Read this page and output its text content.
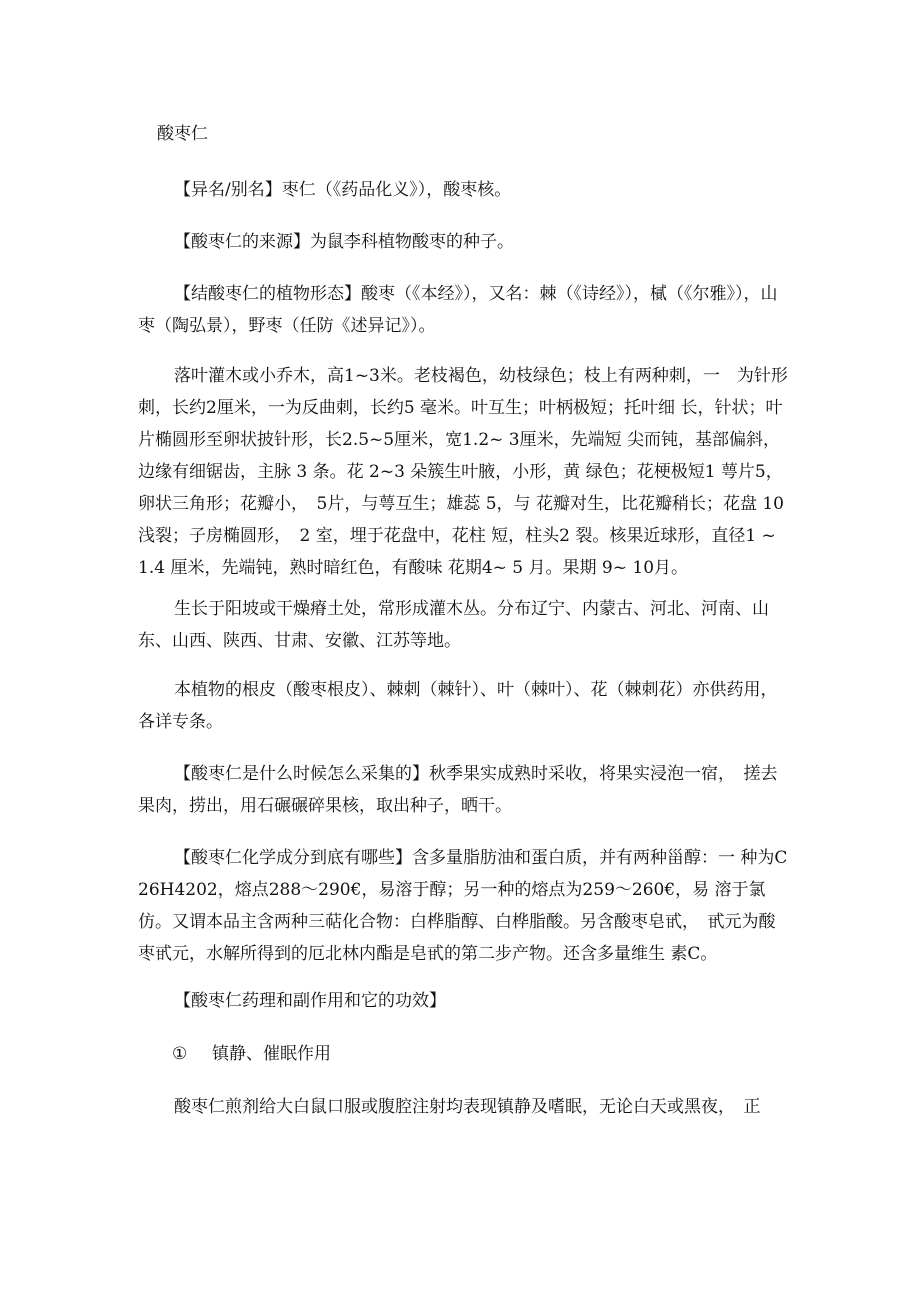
酸枣仁

【异名/别名】枣仁（《药品化义》），酸枣核。

【酸枣仁的来源】为鼠李科植物酸枣的种子。

【结酸枣仁的植物形态】酸枣（《本经》），又名：棘（《诗经》），樲（《尔雅》），山枣（陶弘景），野枣（任防《述异记》）。

落叶灌木或小乔木，高1~3米。老枝褐色，幼枝绿色；枝上有两种刺，一　为针形刺，长约2厘米，一为反曲刺，长约5 毫米。叶互生；叶柄极短；托叶细 长，针状；叶片椭圆形至卵状披针形，长2.5~5厘米，宽1.2~ 3厘米，先端短 尖而钝，基部偏斜，边缘有细锯齿，主脉 3 条。花 2~3 朵簇生叶腋，小形，黄 绿色；花梗极短1 萼片5，卵状三角形；花瓣小，　5片，与萼互生；雄蕊 5，与 花瓣对生，比花瓣稍长；花盘 10浅裂；子房椭圆形，　2 室，埋于花盘中，花柱 短，柱头2 裂。核果近球形，直径1 ~ 1.4 厘米，先端钝，熟时暗红色，有酸味 花期4~ 5 月。果期 9~ 10月。

生长于阳坡或干燥瘠土处，常形成灌木丛。分布辽宁、内蒙古、河北、河南、山东、山西、陕西、甘肃、安徽、江苏等地。

本植物的根皮（酸枣根皮）、棘刺（棘针）、叶（棘叶）、花（棘刺花）亦供药用，　各详专条。

【酸枣仁是什么时候怎么采集的】秋季果实成熟时采收，将果实浸泡一宿，　搓去果肉，捞出，用石碾碾碎果核，取出种子，晒干。

【酸枣仁化学成分到底有哪些】含多量脂肪油和蛋白质，并有两种甾醇：一 种为C26H4202，熔点288～290€，易溶于醇；另一种的熔点为259～260€，易 溶于氯仿。又谓本品主含两种三萜化合物：白桦脂醇、白桦脂酸。另含酸枣皂甙，　甙元为酸枣甙元，水解所得到的厄北林内酯是皂甙的第二步产物。还含多量维生 素C。

【酸枣仁药理和副作用和它的功效】

① 镇静、催眠作用

酸枣仁煎剂给大白鼠口服或腹腔注射均表现镇静及嗜眠，无论白天或黑夜，　正
